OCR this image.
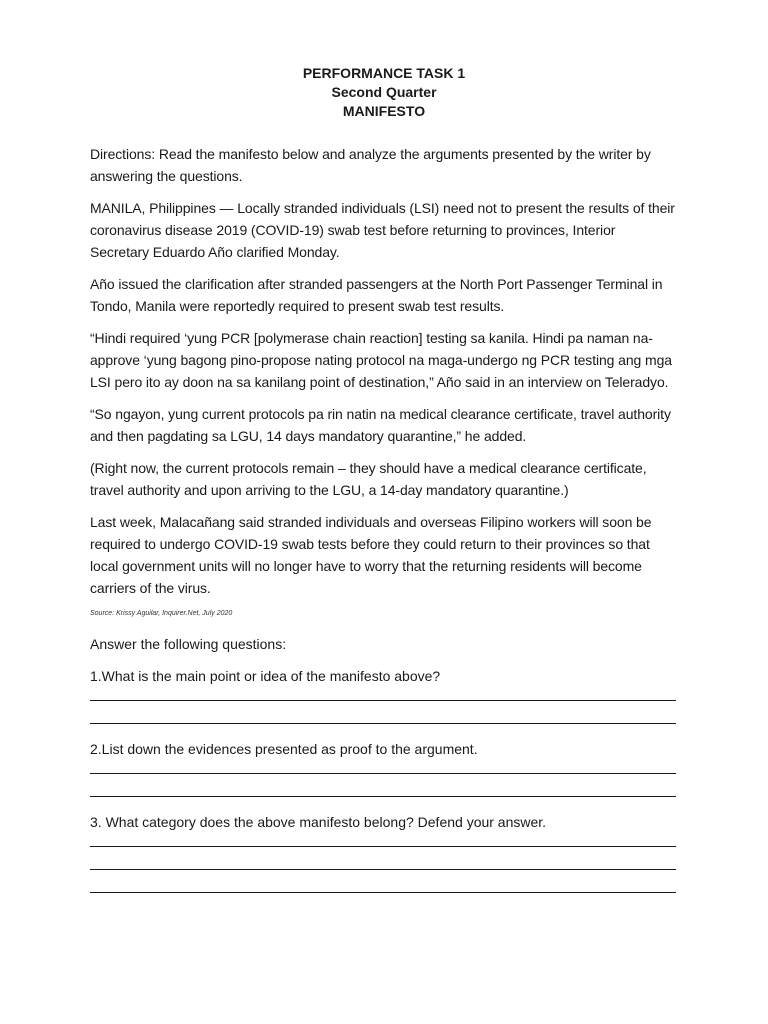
PERFORMANCE TASK 1
Second Quarter
MANIFESTO

Directions: Read the manifesto below and analyze the arguments presented by the writer by answering the questions.

MANILA, Philippines — Locally stranded individuals (LSI) need not to present the results of their coronavirus disease 2019 (COVID-19) swab test before returning to provinces, Interior Secretary Eduardo Año clarified Monday.

Año issued the clarification after stranded passengers at the North Port Passenger Terminal in Tondo, Manila were reportedly required to present swab test results.

“Hindi required ‘yung PCR [polymerase chain reaction] testing sa kanila. Hindi pa naman na-approve ‘yung bagong pino-propose nating protocol na maga-undergo ng PCR testing ang mga LSI pero ito ay doon na sa kanilang point of destination,” Año said in an interview on Teleradyo.

“So ngayon, yung current protocols pa rin natin na medical clearance certificate, travel authority and then pagdating sa LGU, 14 days mandatory quarantine,” he added.

(Right now, the current protocols remain – they should have a medical clearance certificate, travel authority and upon arriving to the LGU, a 14-day mandatory quarantine.)

Last week, Malacañang said stranded individuals and overseas Filipino workers will soon be required to undergo COVID-19 swab tests before they could return to their provinces so that local government units will no longer have to worry that the returning residents will become carriers of the virus.

Source: Krissy Aguilar, Inquirer.Net, July 2020

Answer the following questions:

1.What is the main point or idea of the manifesto above?

2.List down the evidences presented as proof to the argument.

3. What category does the above manifesto belong? Defend your answer.
